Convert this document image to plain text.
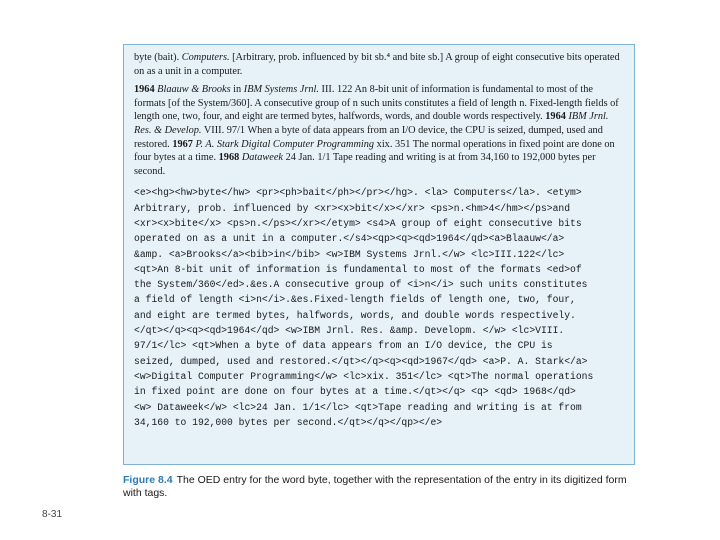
byte (bait). Computers. [Arbitrary, prob. influenced by bit sb.⁴ and bite sb.] A group of eight consecutive bits operated on as a unit in a computer.

1964 Blaauw & Brooks in IBM Systems Jrnl. III. 122 An 8-bit unit of information is fundamental to most of the formats [of the System/360]. A consecutive group of n such units constitutes a field of length n. Fixed-length fields of length one, two, four, and eight are termed bytes, halfwords, words, and double words respectively. 1964 IBM Jrnl. Res. & Develop. VIII. 97/1 When a byte of data appears from an I/O device, the CPU is seized, dumped, used and restored. 1967 P. A. Stark Digital Computer Programming xix. 351 The normal operations in fixed point are done on four bytes at a time. 1968 Dataweek 24 Jan. 1/1 Tape reading and writing is at from 34,160 to 192,000 bytes per second.

<e><hg><hw>byte</hw> <pr><ph>bait</ph></pr></hg>. <la> Computers</la>. <etym>
Arbitrary, prob. influenced by <xr><x>bit</x></xr> <ps>n.<hm>4</hm></ps>and
<xr><x>bite</x> <ps>n.</ps></xr></etym> <s4>A group of eight consecutive bits
operated on as a unit in a computer.</s4><qp><q><qd>1964</qd><a>Blaauw</a>
&amp. <a>Brooks</a><bib>in</bib> <w>IBM Systems Jrnl.</w> <lc>III.122</lc>
<qt>An 8-bit unit of information is fundamental to most of the formats <ed>of
the System/360</ed>.&es.A consecutive group of <i>n</i> such units constitutes
a field of length <i>n</i>.&es.Fixed-length fields of length one, two, four,
and eight are termed bytes, halfwords, words, and double words respectively.
</qt></q><q><qd>1964</qd> <w>IBM Jrnl. Res. &amp. Developm. </w> <lc>VIII.
97/1</lc> <qt>When a byte of data appears from an I/O device, the CPU is
seized, dumped, used and restored.</qt></q><q><qd>1967</qd> <a>P. A. Stark</a>
<w>Digital Computer Programming</w> <lc>xix. 351</lc> <qt>The normal operations
in fixed point are done on four bytes at a time.</qt></q> <q> <qd> 1968</qd>
<w> Dataweek</w> <lc>24 Jan. 1/1</lc> <qt>Tape reading and writing is at from
34,160 to 192,000 bytes per second.</qt></q></qp></e>
Figure 8.4 The OED entry for the word byte, together with the representation of the entry in its digitized form with tags.
8-31
